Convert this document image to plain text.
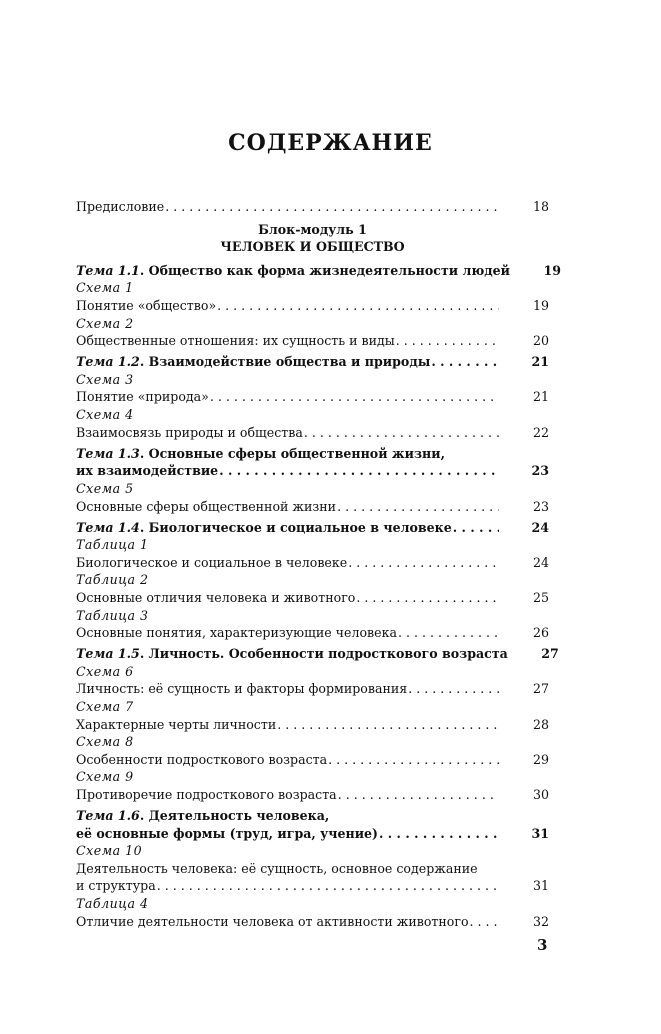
СОДЕРЖАНИЕ
Предисловие . . .	18
Блок-модуль 1
ЧЕЛОВЕК И ОБЩЕСТВО
Тема 1.1. Общество как форма жизнедеятельности людей	19
Схема 1
Понятие «общество» . . .	19
Схема 2
Общественные отношения: их сущность и виды . . .	20
Тема 1.2. Взаимодействие общества и природы . . .	21
Схема 3
Понятие «природа» . . .	21
Схема 4
Взаимосвязь природы и общества . . .	22
Тема 1.3. Основные сферы общественной жизни,
их взаимодействие . . .	23
Схема 5
Основные сферы общественной жизни . . .	23
Тема 1.4. Биологическое и социальное в человеке . . .	24
Таблица 1
Биологическое и социальное в человеке . . .	24
Таблица 2
Основные отличия человека и животного . . .	25
Таблица 3
Основные понятия, характеризующие человека . . .	26
Тема 1.5. Личность. Особенности подросткового возраста	27
Схема 6
Личность: её сущность и факторы формирования . . .	27
Схема 7
Характерные черты личности . . .	28
Схема 8
Особенности подросткового возраста . . .	29
Схема 9
Противоречие подросткового возраста . . .	30
Тема 1.6. Деятельность человека,
её основные формы (труд, игра, учение) . . .	31
Схема 10
Деятельность человека: её сущность, основное содержание
и структура . . .	31
Таблица 4
Отличие деятельности человека от активности животного . . .	32
3
